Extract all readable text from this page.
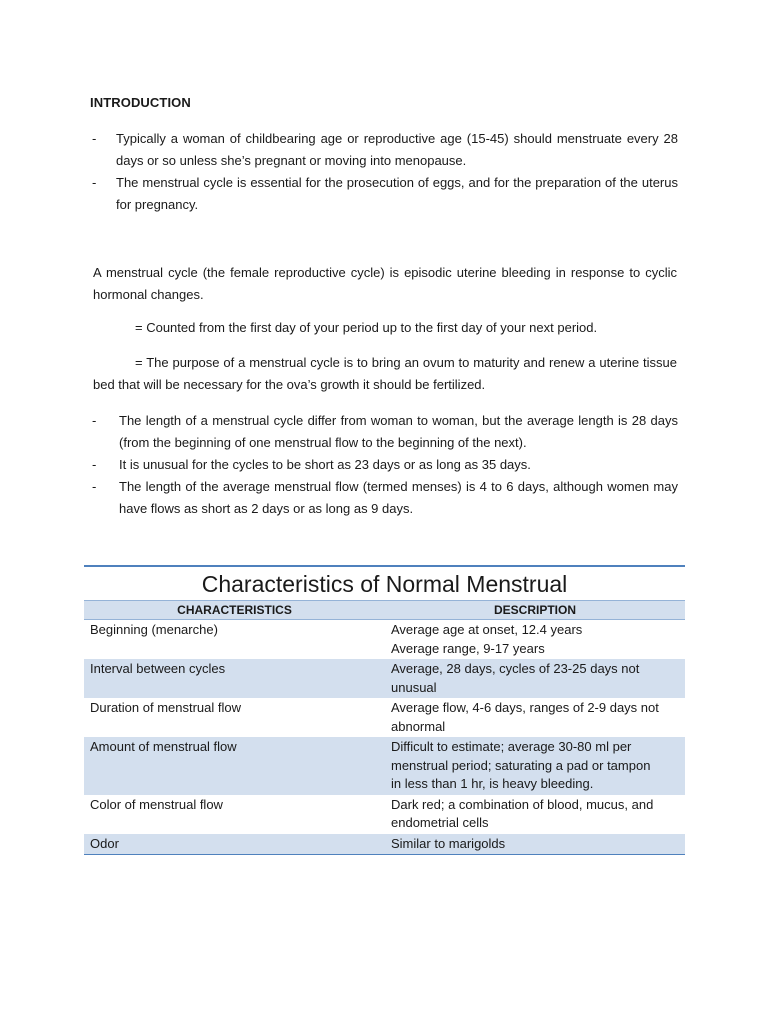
INTRODUCTION
- Typically a woman of childbearing age or reproductive age (15-45) should menstruate every 28 days or so unless she’s pregnant or moving into menopause.
- The menstrual cycle is essential for the prosecution of eggs, and for the preparation of the uterus for pregnancy.

A menstrual cycle (the female reproductive cycle) is episodic uterine bleeding in response to cyclic hormonal changes.

= Counted from the first day of your period up to the first day of your next period.

= The purpose of a menstrual cycle is to bring an ovum to maturity and renew a uterine tissue bed that will be necessary for the ova’s growth it should be fertilized.

- The length of a menstrual cycle differ from woman to woman, but the average length is 28 days (from the beginning of one menstrual flow to the beginning of the next).
- It is unusual for the cycles to be short as 23 days or as long as 35 days.
- The length of the average menstrual flow (termed menses) is 4 to 6 days, although women may have flows as short as 2 days or as long as 9 days.
Characteristics of Normal Menstrual
CHARACTERISTICS	DESCRIPTION
Beginning (menarche)	Average age at onset, 12.4 years
Average range, 9-17 years

Interval between cycles	Average, 28 days, cycles of 23-25 days not
unusual

Duration of menstrual flow	Average flow, 4-6 days, ranges of 2-9 days not
abnormal

Amount of menstrual flow	Difficult to estimate; average 30-80 ml per
menstrual period; saturating a pad or tampon
in less than 1 hr, is heavy bleeding.

Color of menstrual flow	Dark red; a combination of blood, mucus, and
endometrial cells

Odor	Similar to marigolds
